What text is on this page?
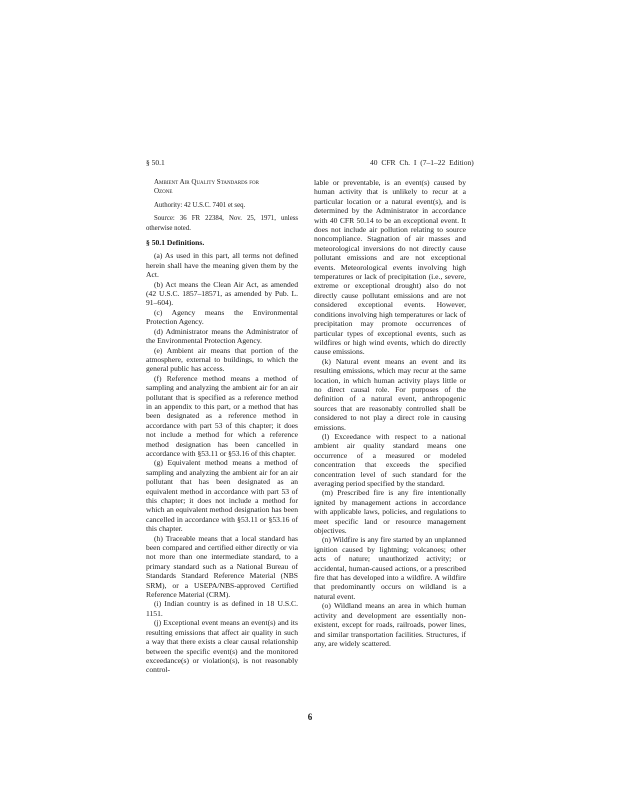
§ 50.1	40 CFR Ch. I (7–1–22 Edition)

Ambient Air Quality Standards for

Ozone

Authority: 42 U.S.C. 7401 et seq.

Source: 36 FR 22384, Nov. 25, 1971, unless otherwise noted.

§ 50.1 Definitions.

(a) As used in this part, all terms not defined herein shall have the meaning given them by the Act.

(b) Act means the Clean Air Act, as amended (42 U.S.C. 1857–18571, as amended by Pub. L. 91–604).

(c) Agency means the Environmental Protection Agency.

(d) Administrator means the Administrator of the Environmental Protection Agency.

(e) Ambient air means that portion of the atmosphere, external to buildings, to which the general public has access.

(f) Reference method means a method of sampling and analyzing the ambient air for an air pollutant that is specified as a reference method in an appendix to this part, or a method that has been designated as a reference method in accordance with part 53 of this chapter; it does not include a method for which a reference method designation has been cancelled in accordance with §53.11 or §53.16 of this chapter.

(g) Equivalent method means a method of sampling and analyzing the ambient air for an air pollutant that has been designated as an equivalent method in accordance with part 53 of this chapter; it does not include a method for which an equivalent method designation has been cancelled in accordance with §53.11 or §53.16 of this chapter.

(h) Traceable means that a local standard has been compared and certified either directly or via not more than one intermediate standard, to a primary standard such as a National Bureau of Standards Standard Reference Material (NBS SRM), or a USEPA/NBS-approved Certified Reference Material (CRM).

(i) Indian country is as defined in 18 U.S.C. 1151.

(j) Exceptional event means an event(s) and its resulting emissions that affect air quality in such a way that there exists a clear causal relationship between the specific event(s) and the monitored exceedance(s) or violation(s), is not reasonably control-

lable or preventable, is an event(s) caused by human activity that is unlikely to recur at a particular location or a natural event(s), and is determined by the Administrator in accordance with 40 CFR 50.14 to be an exceptional event. It does not include air pollution relating to source noncompliance. Stagnation of air masses and meteorological inversions do not directly cause pollutant emissions and are not exceptional events. Meteorological events involving high temperatures or lack of precipitation (i.e., severe, extreme or exceptional drought) also do not directly cause pollutant emissions and are not considered exceptional events. However, conditions involving high temperatures or lack of precipitation may promote occurrences of particular types of exceptional events, such as wildfires or high wind events, which do directly cause emissions.

(k) Natural event means an event and its resulting emissions, which may recur at the same location, in which human activity plays little or no direct causal role. For purposes of the definition of a natural event, anthropogenic sources that are reasonably controlled shall be considered to not play a direct role in causing emissions.

(l) Exceedance with respect to a national ambient air quality standard means one occurrence of a measured or modeled concentration that exceeds the specified concentration level of such standard for the averaging period specified by the standard.

(m) Prescribed fire is any fire intentionally ignited by management actions in accordance with applicable laws, policies, and regulations to meet specific land or resource management objectives.

(n) Wildfire is any fire started by an unplanned ignition caused by lightning; volcanoes; other acts of nature; unauthorized activity; or accidental, human-caused actions, or a prescribed fire that has developed into a wildfire. A wildfire that predominantly occurs on wildland is a natural event.

(o) Wildland means an area in which human activity and development are essentially non-existent, except for roads, railroads, power lines, and similar transportation facilities. Structures, if any, are widely scattered.

6
